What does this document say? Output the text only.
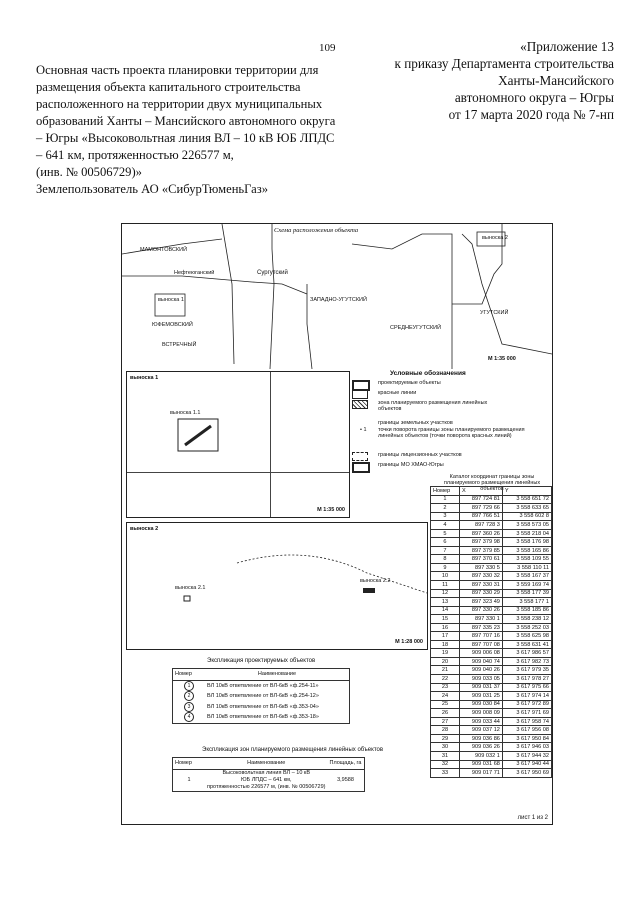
109	«Приложение 13
к приказу Департамента строительства
Ханты-Мансийского
автономного округа – Югры
от 17 марта 2020 года № 7-нп
Основная часть проекта планировки территории для
размещения объекта капитального строительства
расположенного на территории двух муниципальных
образований Ханты – Мансийского автономного округа
– Югры «Высоковольтная линия ВЛ – 10 кВ ЮБ ЛПДС
– 641 км, протяженностью 226577 м,
(инв. № 00506729)»
Землепользователь АО «СибурТюменьГаз»
Схема расположения объекта
МАМОНТОВСКИЙ
Нефтеюганский	Сургутский
ЮФЕМОВСКИЙ
ВСТРЕЧНЫЙ
ЗАПАДНО-УГУТСКИЙ
СРЕДНЕУГУТСКИЙ
УГУТСКИЙ
выноска 1
выноска 2
М 1:35 000
выноска 1
выноска 1.1
М 1:35 000
Условные обозначения
проектируемые объекты
красные линии
зона планируемого размещения линейных объектов
границы земельных участков
• 1 точки поворота границы зоны планируемого размещения линейных объектов (точки поворота красных линий)
границы лицензионных участков
границы МО ХМАО-Югры
выноска 2
выноска 2.1
выноска 2.2
М 1:28 000
Каталог координат границы зоны планируемого размещения линейных объектов
Номер	X	Y
1	897 724 81	3 558 651 72
2	897 729 66	3 558 633 65
3	897 766 51	3 558 602 8
4	897 728 3	3 558 573 05
5	897 360 26	3 558 218 04
6	897 379 98	3 558 176 98
7	897 379 85	3 558 165 86
8	897 370 61	3 558 109 55
9	897 330 5	3 558 110 11
10	897 330 32	3 558 167 37
11	897 330 31	3 559 169 74
12	897 330 29	3 558 177 39
13	897 323 49	3 558 177 1
14	897 330 26	3 558 185 86
15	897 330 1	3 558 238 12
16	897 335 23	3 558 252 03
17	897 707 16	3 558 625 98
18	897 707 08	3 558 631 41
19	909 006 08	3 617 986 57
20	909 040 74	3 617 982 73
21	909 040 26	3 617 979 35
22	909 033 05	3 617 978 27
23	909 031 37	3 617 975 66
24	909 031 25	3 617 974 14
25	909 030 84	3 617 972 89
26	909 008 09	3 617 971 69
27	909 033 44	3 617 958 74
28	909 037 12	3 617 956 08
29	909 036 86	3 617 950 84
30	909 036 26	3 617 946 03
31	909 032 1	3 617 944 32
32	909 031 68	3 617 940 44
33	909 017 71	3 617 950 69
Экспликация проектируемых объектов
Номер	Наименование
1	ВЛ 10кВ ответвление от ВЛ-6кВ «ф.254-11»
2	ВЛ 10кВ ответвление от ВЛ-6кВ «ф.254-12»
3	ВЛ 10кВ ответвление от ВЛ-6кВ «ф.353-04»
4	ВЛ 10кВ ответвление от ВЛ-6кВ «ф.353-18»
Экспликация зон планируемого размещения линейных объектов
Номер	Наименование	Площадь, га
1	Высоковольтная линия ВЛ – 10 кВ
ЮБ ЛПДС – 641 км,
протяженностью 226577 м, (инв. № 00506729)	3,9588
лист 1 из 2
